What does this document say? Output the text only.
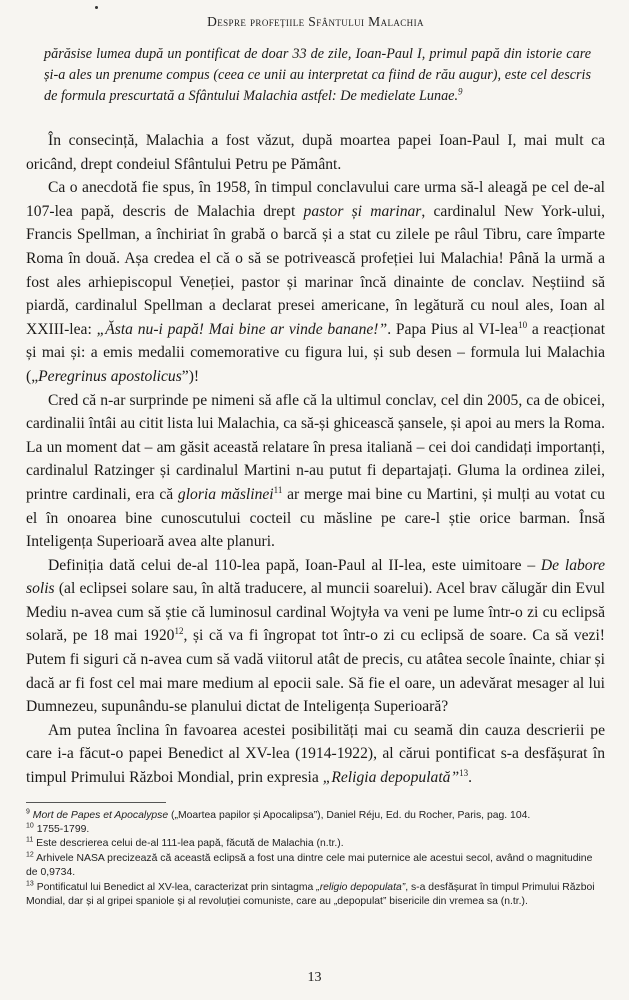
Despre profețiile Sfântului Malachia

părăsise lumea după un pontificat de doar 33 de zile, Ioan-Paul I, primul papă din istorie care și-a ales un prenume compus (ceea ce unii au interpretat ca fiind de rău augur), este cel descris de formula prescurtată a Sfântului Malachia astfel: De medielate Lunae.$^9$

În consecință, Malachia a fost văzut, după moartea papei Ioan-Paul I, mai mult ca oricând, drept condeiul Sfântului Petru pe Pământ.

Ca o anecdotă fie spus, în 1958, în timpul conclavului care urma să-l aleagă pe cel de-al 107-lea papă, descris de Malachia drept pastor și marinar, cardinalul New York-ului, Francis Spellman, a închiriat în grabă o barcă și a stat cu zilele pe râul Tibru, care împarte Roma în două. Așa credea el că o să se potrivească profeției lui Malachia! Până la urmă a fost ales arhiepiscopul Veneției, pastor și marinar încă dinainte de conclav. Neștiind să piardă, cardinalul Spellman a declarat presei americane, în legătură cu noul ales, Ioan al XXIII-lea: „Ăsta nu-i papă! Mai bine ar vinde banane!”. Papa Pius al VI-lea$^{10}$ a reacționat și mai și: a emis medalii comemorative cu figura lui, și sub desen – formula lui Malachia („Peregrinus apostolicus”)!

Cred că n-ar surprinde pe nimeni să afle că la ultimul conclav, cel din 2005, ca de obicei, cardinalii întâi au citit lista lui Malachia, ca să-și ghicească șansele, și apoi au mers la Roma. La un moment dat – am găsit această relatare în presa italiană – cei doi candidați importanți, cardinalul Ratzinger și cardinalul Martini n-au putut fi departajați. Gluma la ordinea zilei, printre cardinali, era că gloria măslinei$^{11}$ ar merge mai bine cu Martini, și mulți au votat cu el în onoarea bine cunoscutului cocteil cu măsline pe care-l știe orice barman. Însă Inteligența Superioară avea alte planuri.

Definiția dată celui de-al 110-lea papă, Ioan-Paul al II-lea, este uimitoare – De labore solis (al eclipsei solare sau, în altă traducere, al muncii soarelui). Acel brav călugăr din Evul Mediu n-avea cum să știe că luminosul cardinal Wojtyła va veni pe lume într-o zi cu eclipsă solară, pe 18 mai 1920$^{12}$, și că va fi îngropat tot într-o zi cu eclipsă de soare. Ca să vezi! Putem fi siguri că n-avea cum să vadă viitorul atât de precis, cu atâtea secole înainte, chiar și dacă ar fi fost cel mai mare medium al epocii sale. Să fie el oare, un adevărat mesager al lui Dumnezeu, supunându-se planului dictat de Inteligența Superioară?

Am putea înclina în favoarea acestei posibilități mai cu seamă din cauza descrierii pe care i-a făcut-o papei Benedict al XV-lea (1914-1922), al cărui pontificat s-a desfășurat în timpul Primului Război Mondial, prin expresia „Religia depopulată”$^{13}$.

$^9$ Mort de Papes et Apocalypse („Moartea papilor și Apocalipsa”), Daniel Réju, Ed. du Rocher, Paris, pag. 104.

$^{10}$ 1755-1799.

$^{11}$ Este descrierea celui de-al 111-lea papă, făcută de Malachia (n.tr.).

$^{12}$ Arhivele NASA precizează că această eclipsă a fost una dintre cele mai puternice ale acestui secol, având o magnitudine de 0,9734.

$^{13}$ Pontificatul lui Benedict al XV-lea, caracterizat prin sintagma „religio depopulata”, s-a desfășurat în timpul Primului Război Mondial, dar și al gripei spaniole și al revoluției comuniste, care au „depopulat” bisericile din vremea sa (n.tr.).

13
